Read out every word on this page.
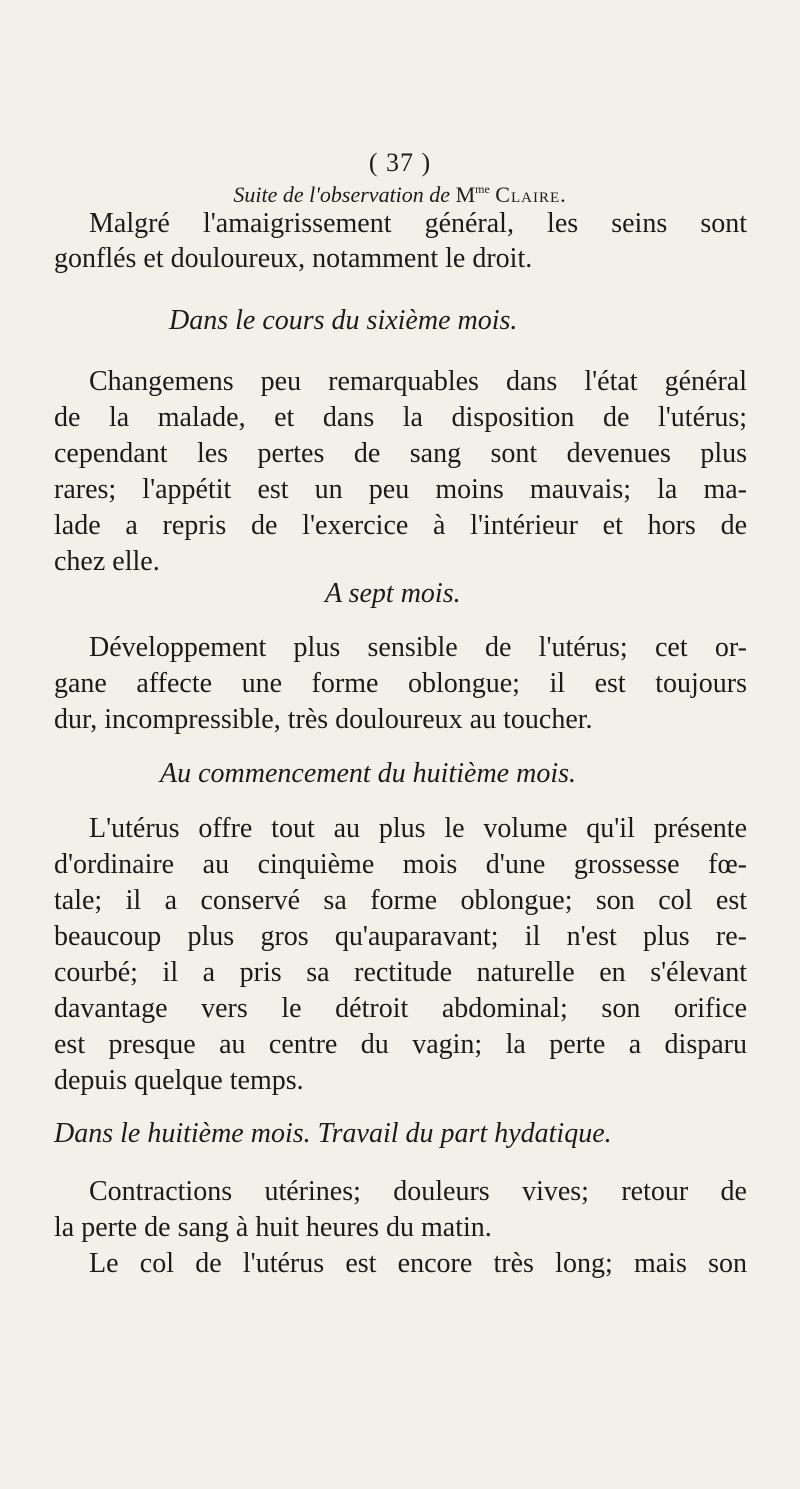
( 37 )
Suite de l'observation de $M^{me}$ Claire.
Malgré l'amaigrissement général, les seins sont
gonflés et douloureux, notamment le droit.
Dans le cours du sixième mois.
Changemens peu remarquables dans l'état général
de la malade, et dans la disposition de l'utérus;
cependant les pertes de sang sont devenues plus
rares; l'appétit est un peu moins mauvais; la ma-
lade a repris de l'exercice à l'intérieur et hors de
chez elle.
A sept mois.
Développement plus sensible de l'utérus; cet or-
gane affecte une forme oblongue; il est toujours
dur, incompressible, très douloureux au toucher.
Au commencement du huitième mois.
L'utérus offre tout au plus le volume qu'il présente
d'ordinaire au cinquième mois d'une grossesse fœ-
tale; il a conservé sa forme oblongue; son col est
beaucoup plus gros qu'auparavant; il n'est plus re-
courbé; il a pris sa rectitude naturelle en s'élevant
davantage vers le détroit abdominal; son orifice
est presque au centre du vagin; la perte a disparu
depuis quelque temps.
Dans le huitième mois. Travail du part hydatique.
Contractions utérines; douleurs vives; retour de
la perte de sang à huit heures du matin.
Le col de l'utérus est encore très long; mais son
